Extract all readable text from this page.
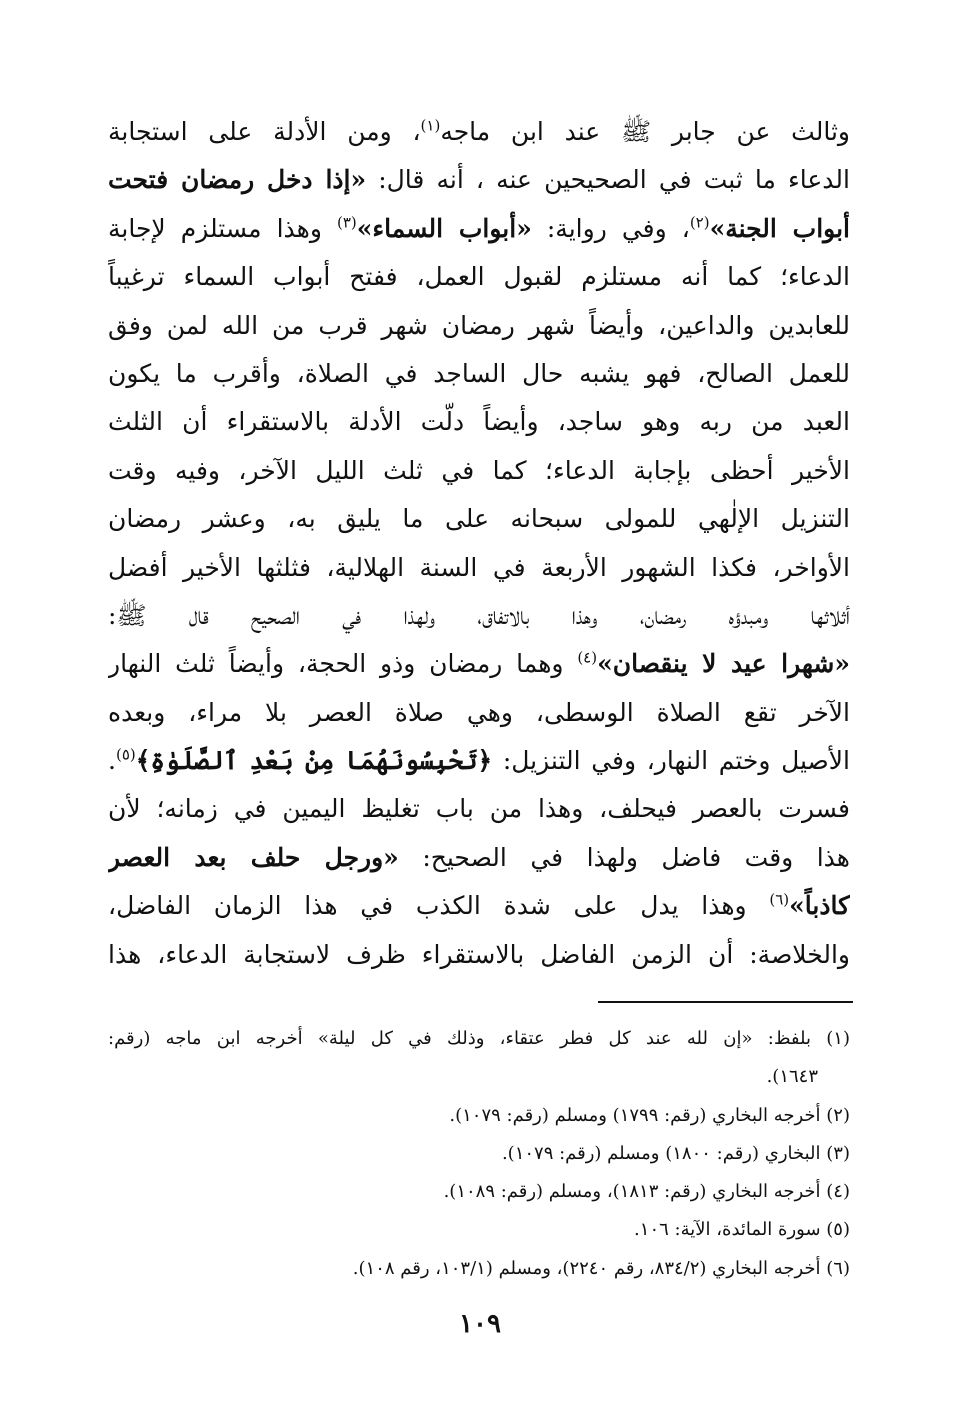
وثالث عن جابر ﷺ عند ابن ماجه$^{(١)}$، ومن الأدلة على استجابة
الدعاء ما ثبت في الصحيحين عنه ، أنه قال: «إذا دخل رمضان فتحت
أبواب الجنة»$^{(٢)}$، وفي رواية: «أبواب السماء»$^{(٣)}$ وهذا مستلزم لإجابة
الدعاء؛ كما أنه مستلزم لقبول العمل، ففتح أبواب السماء ترغيباً
للعابدين والداعين، وأيضاً شهر رمضان شهر قرب من الله لمن وفق
للعمل الصالح، فهو يشبه حال الساجد في الصلاة، وأقرب ما يكون
العبد من ربه وهو ساجد، وأيضاً دلّت الأدلة بالاستقراء أن الثلث
الأخير أحظى بإجابة الدعاء؛ كما في ثلث الليل الآخر، وفيه وقت
التنزيل الإلٰهي للمولى سبحانه على ما يليق به، وعشر رمضان
الأواخر، فكذا الشهور الأربعة في السنة الهلالية، فثلثها الأخير أفضل
أثلاثها ومبدؤه رمضان، وهذا بالاتفاق، ولهذا في الصحيح قال ﷺ:
«شهرا عيد لا ينقصان»$^{(٤)}$ وهما رمضان وذو الحجة، وأيضاً ثلث النهار
الآخر تقع الصلاة الوسطى، وهي صلاة العصر بلا مراء، وبعده
الأصيل وختم النهار، وفي التنزيل: ﴿تَحْبِسُونَهُمَا مِنْ بَعْدِ ٱلصَّلَوٰةِ﴾$^{(٥)}$.
فسرت بالعصر فيحلف، وهذا من باب تغليظ اليمين في زمانه؛ لأن
هذا وقت فاضل ولهذا في الصحيح: «ورجل حلف بعد العصر
كاذباً»$^{(٦)}$ وهذا يدل على شدة الكذب في هذا الزمان الفاضل،
والخلاصة: أن الزمن الفاضل بالاستقراء ظرف لاستجابة الدعاء، هذا
(١) بلفظ: «إن لله عند كل فطر عتقاء، وذلك في كل ليلة» أخرجه ابن ماجه (رقم:
١٦٤٣).
(٢) أخرجه البخاري (رقم: ١٧٩٩) ومسلم (رقم: ١٠٧٩).
(٣) البخاري (رقم: ١٨٠٠) ومسلم (رقم: ١٠٧٩).
(٤) أخرجه البخاري (رقم: ١٨١٣)، ومسلم (رقم: ١٠٨٩).
(٥) سورة المائدة، الآية: ١٠٦.
(٦) أخرجه البخاري (٨٣٤/٢، رقم ٢٢٤٠)، ومسلم (١٠٣/١، رقم ١٠٨).
١٠٩
